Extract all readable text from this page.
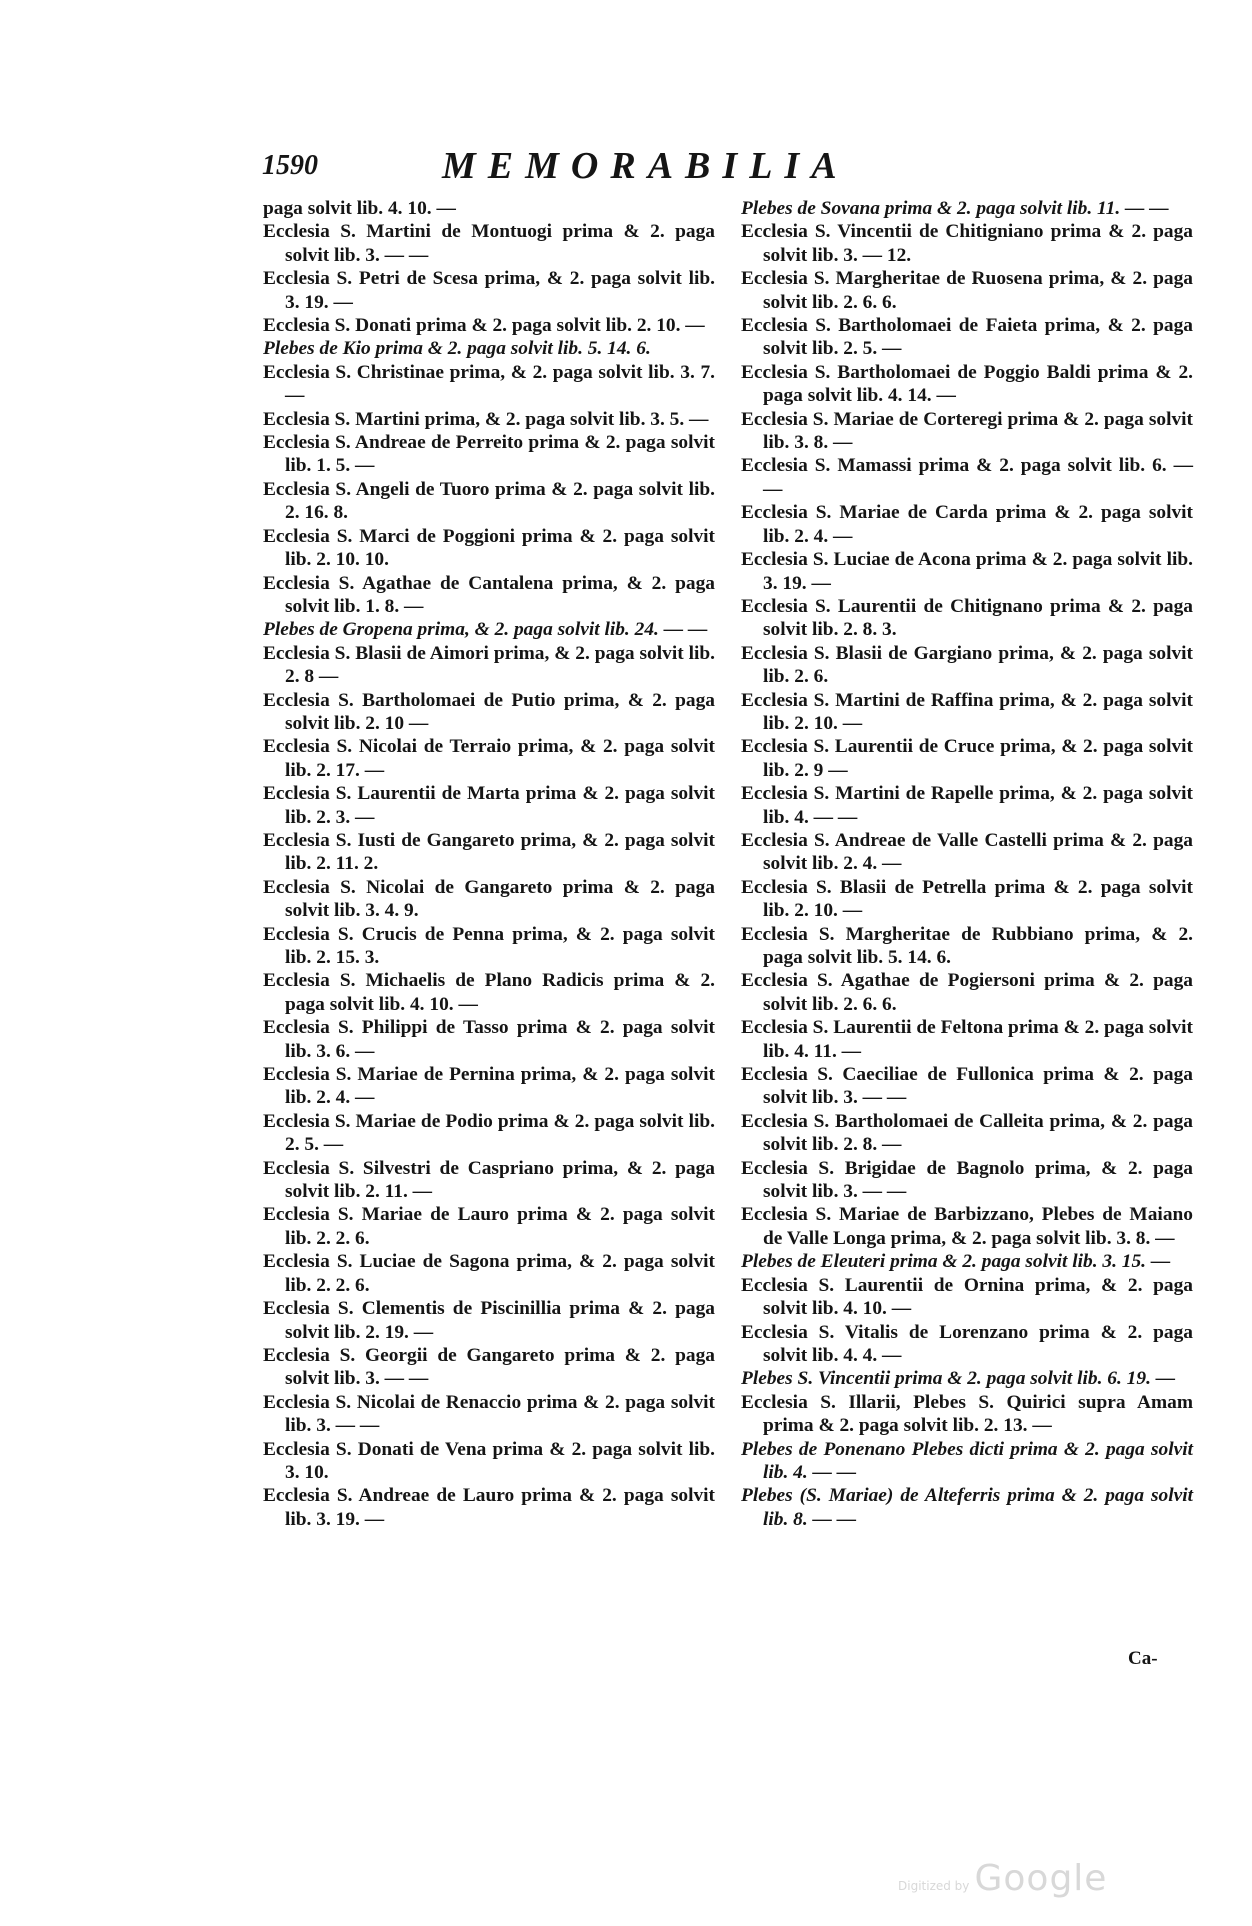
1590	MEMORABILIA

paga solvit lib. 4. 10. —

Ecclesia S. Martini de Montuogi prima & 2. paga solvit lib. 3. — —

Ecclesia S. Petri de Scesa prima, & 2. paga solvit lib. 3. 19. —

Ecclesia S. Donati prima & 2. paga solvit lib. 2. 10. —

Plebes de Kio prima & 2. paga solvit lib. 5. 14. 6.

Ecclesia S. Christinae prima, & 2. paga solvit lib. 3. 7. —

Ecclesia S. Martini prima, & 2. paga solvit lib. 3. 5. —

Ecclesia S. Andreae de Perreito prima & 2. paga solvit lib. 1. 5. —

Ecclesia S. Angeli de Tuoro prima & 2. paga solvit lib. 2. 16. 8.

Ecclesia S. Marci de Poggioni prima & 2. paga solvit lib. 2. 10. 10.

Ecclesia S. Agathae de Cantalena prima, & 2. paga solvit lib. 1. 8. —

Plebes de Gropena prima, & 2. paga solvit lib. 24. — —

Ecclesia S. Blasii de Aimori prima, & 2. paga solvit lib. 2. 8 —

Ecclesia S. Bartholomaei de Putio prima, & 2. paga solvit lib. 2. 10 —

Ecclesia S. Nicolai de Terraio prima, & 2. paga solvit lib. 2. 17. —

Ecclesia S. Laurentii de Marta prima & 2. paga solvit lib. 2. 3. —

Ecclesia S. Iusti de Gangareto prima, & 2. paga solvit lib. 2. 11. 2.

Ecclesia S. Nicolai de Gangareto prima & 2. paga solvit lib. 3. 4. 9.

Ecclesia S. Crucis de Penna prima, & 2. paga solvit lib. 2. 15. 3.

Ecclesia S. Michaelis de Plano Radicis prima & 2. paga solvit lib. 4. 10. —

Ecclesia S. Philippi de Tasso prima & 2. paga solvit lib. 3. 6. —

Ecclesia S. Mariae de Pernina prima, & 2. paga solvit lib. 2. 4. —

Ecclesia S. Mariae de Podio prima & 2. paga solvit lib. 2. 5. —

Ecclesia S. Silvestri de Caspriano prima, & 2. paga solvit lib. 2. 11. —

Ecclesia S. Mariae de Lauro prima & 2. paga solvit lib. 2. 2. 6.

Ecclesia S. Luciae de Sagona prima, & 2. paga solvit lib. 2. 2. 6.

Ecclesia S. Clementis de Piscinillia prima & 2. paga solvit lib. 2. 19. —

Ecclesia S. Georgii de Gangareto prima & 2. paga solvit lib. 3. — —

Ecclesia S. Nicolai de Renaccio prima & 2. paga solvit lib. 3. — —

Ecclesia S. Donati de Vena prima & 2. paga solvit lib. 3. 10.

Ecclesia S. Andreae de Lauro prima & 2. paga solvit lib. 3. 19. —

Plebes de Sovana prima & 2. paga solvit lib. 11. — —

Ecclesia S. Vincentii de Chitigniano prima & 2. paga solvit lib. 3. — 12.

Ecclesia S. Margheritae de Ruosena prima, & 2. paga solvit lib. 2. 6. 6.

Ecclesia S. Bartholomaei de Faieta prima, & 2. paga solvit lib. 2. 5. —

Ecclesia S. Bartholomaei de Poggio Baldi prima & 2. paga solvit lib. 4. 14. —

Ecclesia S. Mariae de Corteregi prima & 2. paga solvit lib. 3. 8. —

Ecclesia S. Mamassi prima & 2. paga solvit lib. 6. — —

Ecclesia S. Mariae de Carda prima & 2. paga solvit lib. 2. 4. —

Ecclesia S. Luciae de Acona prima & 2. paga solvit lib. 3. 19. —

Ecclesia S. Laurentii de Chitignano prima & 2. paga solvit lib. 2. 8. 3.

Ecclesia S. Blasii de Gargiano prima, & 2. paga solvit lib. 2. 6.

Ecclesia S. Martini de Raffina prima, & 2. paga solvit lib. 2. 10. —

Ecclesia S. Laurentii de Cruce prima, & 2. paga solvit lib. 2. 9 —

Ecclesia S. Martini de Rapelle prima, & 2. paga solvit lib. 4. — —

Ecclesia S. Andreae de Valle Castelli prima & 2. paga solvit lib. 2. 4. —

Ecclesia S. Blasii de Petrella prima & 2. paga solvit lib. 2. 10. —

Ecclesia S. Margheritae de Rubbiano prima, & 2. paga solvit lib. 5. 14. 6.

Ecclesia S. Agathae de Pogiersoni prima & 2. paga solvit lib. 2. 6. 6.

Ecclesia S. Laurentii de Feltona prima & 2. paga solvit lib. 4. 11. —

Ecclesia S. Caeciliae de Fullonica prima & 2. paga solvit lib. 3. — —

Ecclesia S. Bartholomaei de Calleita prima, & 2. paga solvit lib. 2. 8. —

Ecclesia S. Brigidae de Bagnolo prima, & 2. paga solvit lib. 3. — —

Ecclesia S. Mariae de Barbizzano, Plebes de Maiano de Valle Longa prima, & 2. paga solvit lib. 3. 8. —

Plebes de Eleuteri prima & 2. paga solvit lib. 3. 15. —

Ecclesia S. Laurentii de Ornina prima, & 2. paga solvit lib. 4. 10. —

Ecclesia S. Vitalis de Lorenzano prima & 2. paga solvit lib. 4. 4. —

Plebes S. Vincentii prima & 2. paga solvit lib. 6. 19. —

Ecclesia S. Illarii, Plebes S. Quirici supra Amam prima & 2. paga solvit lib. 2. 13. —

Plebes de Ponenano Plebes dicti prima & 2. paga solvit lib. 4. — —

Plebes (S. Mariae) de Alteferris prima & 2. paga solvit lib. 8. — —

Ca-
Digitized by Google
